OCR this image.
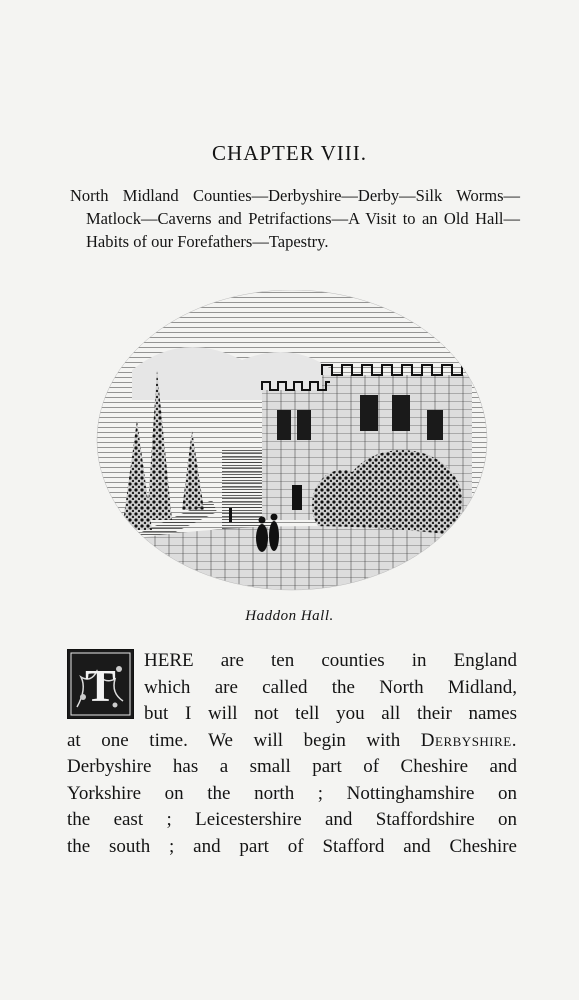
CHAPTER VIII.
North Midland Counties—Derbyshire—Derby—Silk Worms—Matlock—Caverns and Petrifactions—A Visit to an Old Hall—Habits of our Forefathers—Tapestry.
Haddon Hall.
T	HERE are ten counties in England
which are called the North Midland,
but I will not tell you all their names
at one time. We will begin with Derbyshire.
Derbyshire has a small part of Cheshire and
Yorkshire on the north ; Nottinghamshire on
the east ; Leicestershire and Staffordshire on
the south ; and part of Stafford and Cheshire
